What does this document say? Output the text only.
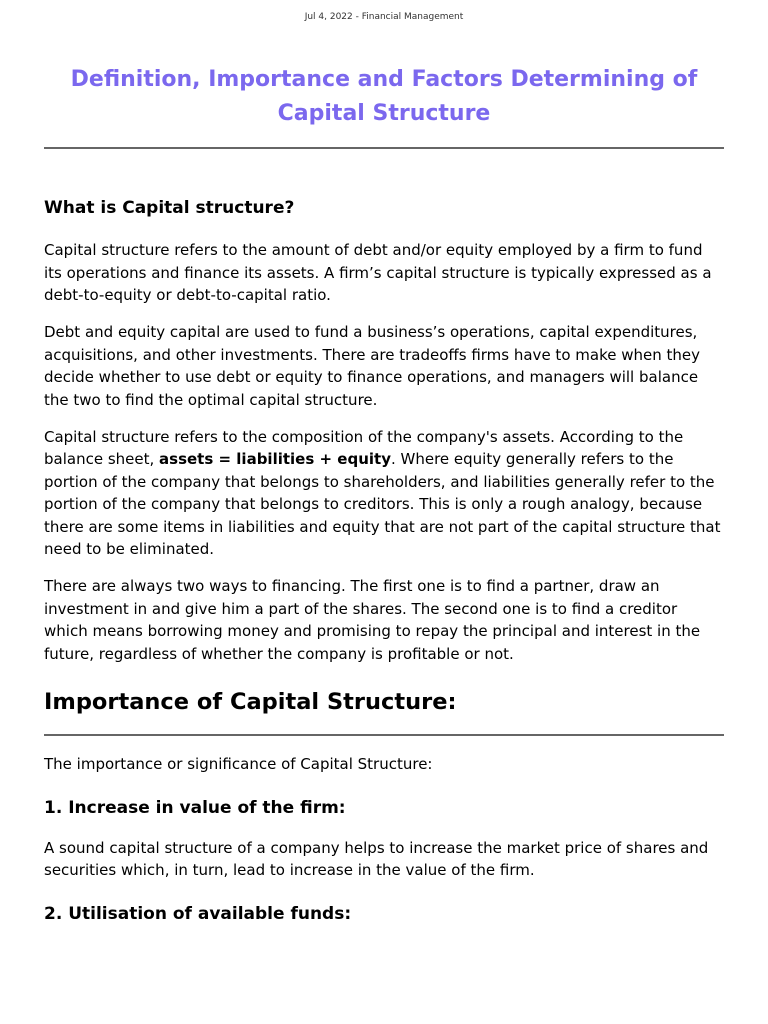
Jul 4, 2022 - Financial Management
Definition, Importance and Factors Determining of Capital Structure
What is Capital structure?

Capital structure refers to the amount of debt and/or equity employed by a firm to fund its operations and finance its assets. A firm’s capital structure is typically expressed as a debt-to-equity or debt-to-capital ratio.

Debt and equity capital are used to fund a business’s operations, capital expenditures, acquisitions, and other investments. There are tradeoffs firms have to make when they decide whether to use debt or equity to finance operations, and managers will balance the two to find the optimal capital structure.

Capital structure refers to the composition of the company's assets. According to the balance sheet, assets = liabilities + equity. Where equity generally refers to the portion of the company that belongs to shareholders, and liabilities generally refer to the portion of the company that belongs to creditors. This is only a rough analogy, because there are some items in liabilities and equity that are not part of the capital structure that need to be eliminated.

There are always two ways to financing. The first one is to find a partner, draw an investment in and give him a part of the shares. The second one is to find a creditor which means borrowing money and promising to repay the principal and interest in the future, regardless of whether the company is profitable or not.

Importance of Capital Structure:

The importance or significance of Capital Structure:

1. Increase in value of the firm:

A sound capital structure of a company helps to increase the market price of shares and securities which, in turn, lead to increase in the value of the firm.

2. Utilisation of available funds:
